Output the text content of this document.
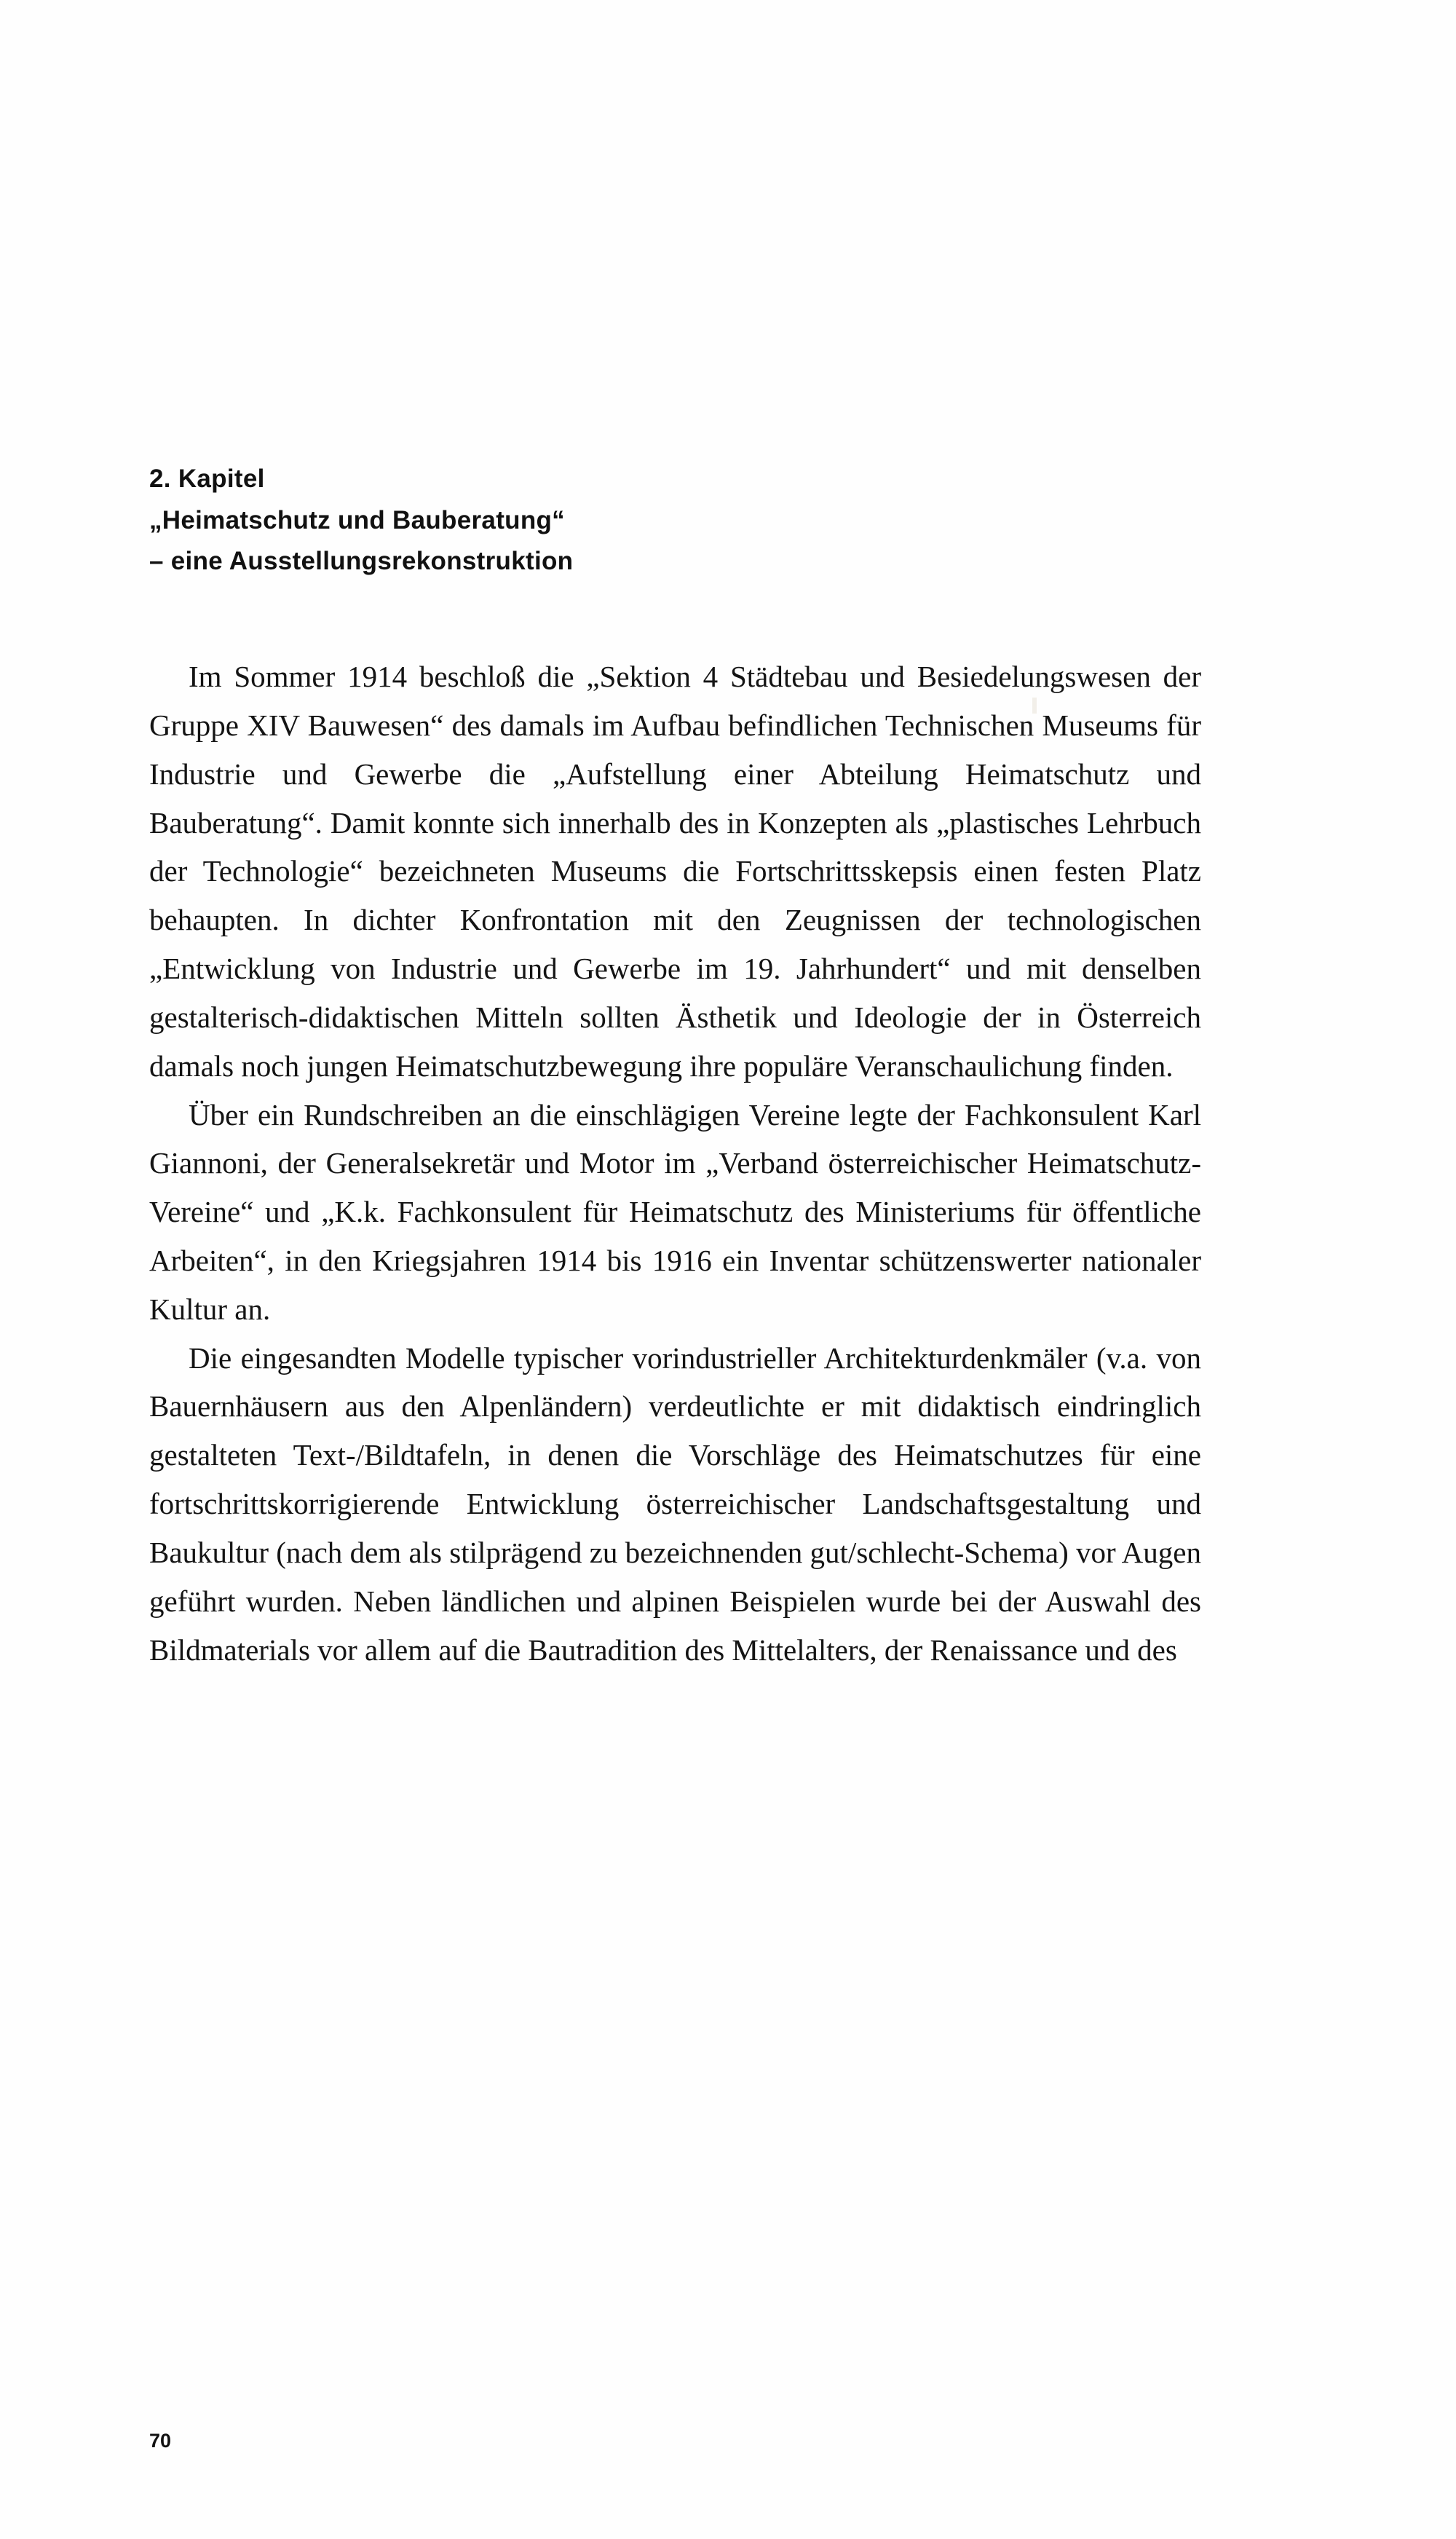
2. Kapitel
„Heimatschutz und Bauberatung“
– eine Ausstellungsrekonstruktion

Im Sommer 1914 beschloß die „Sektion 4 Städtebau und Besiedelungswesen der Gruppe XIV Bauwesen“ des damals im Aufbau befindlichen Technischen Museums für Industrie und Gewerbe die „Aufstellung einer Abteilung Heimatschutz und Bauberatung“. Damit konnte sich innerhalb des in Konzepten als „plastisches Lehrbuch der Technologie“ bezeichneten Museums die Fortschrittsskepsis einen festen Platz behaupten. In dichter Konfrontation mit den Zeugnissen der technologischen „Entwicklung von Industrie und Gewerbe im 19. Jahrhundert“ und mit denselben gestalterisch-didaktischen Mitteln sollten Ästhetik und Ideologie der in Österreich damals noch jungen Heimatschutzbewegung ihre populäre Veranschaulichung finden.

Über ein Rundschreiben an die einschlägigen Vereine legte der Fachkonsulent Karl Giannoni, der Generalsekretär und Motor im „Verband österreichischer Heimatschutz-Vereine“ und „K.k. Fachkonsulent für Heimatschutz des Ministeriums für öffentliche Arbeiten“, in den Kriegsjahren 1914 bis 1916 ein Inventar schützenswerter nationaler Kultur an.

Die eingesandten Modelle typischer vorindustrieller Architekturdenkmäler (v.a. von Bauernhäusern aus den Alpenländern) verdeutlichte er mit didaktisch eindringlich gestalteten Text-/Bildtafeln, in denen die Vorschläge des Heimatschutzes für eine fortschrittskorrigierende Entwicklung österreichischer Landschaftsgestaltung und Baukultur (nach dem als stilprägend zu bezeichnenden gut/schlecht-Schema) vor Augen geführt wurden. Neben ländlichen und alpinen Beispielen wurde bei der Auswahl des Bildmaterials vor allem auf die Bautradition des Mittelalters, der Renaissance und des

70
